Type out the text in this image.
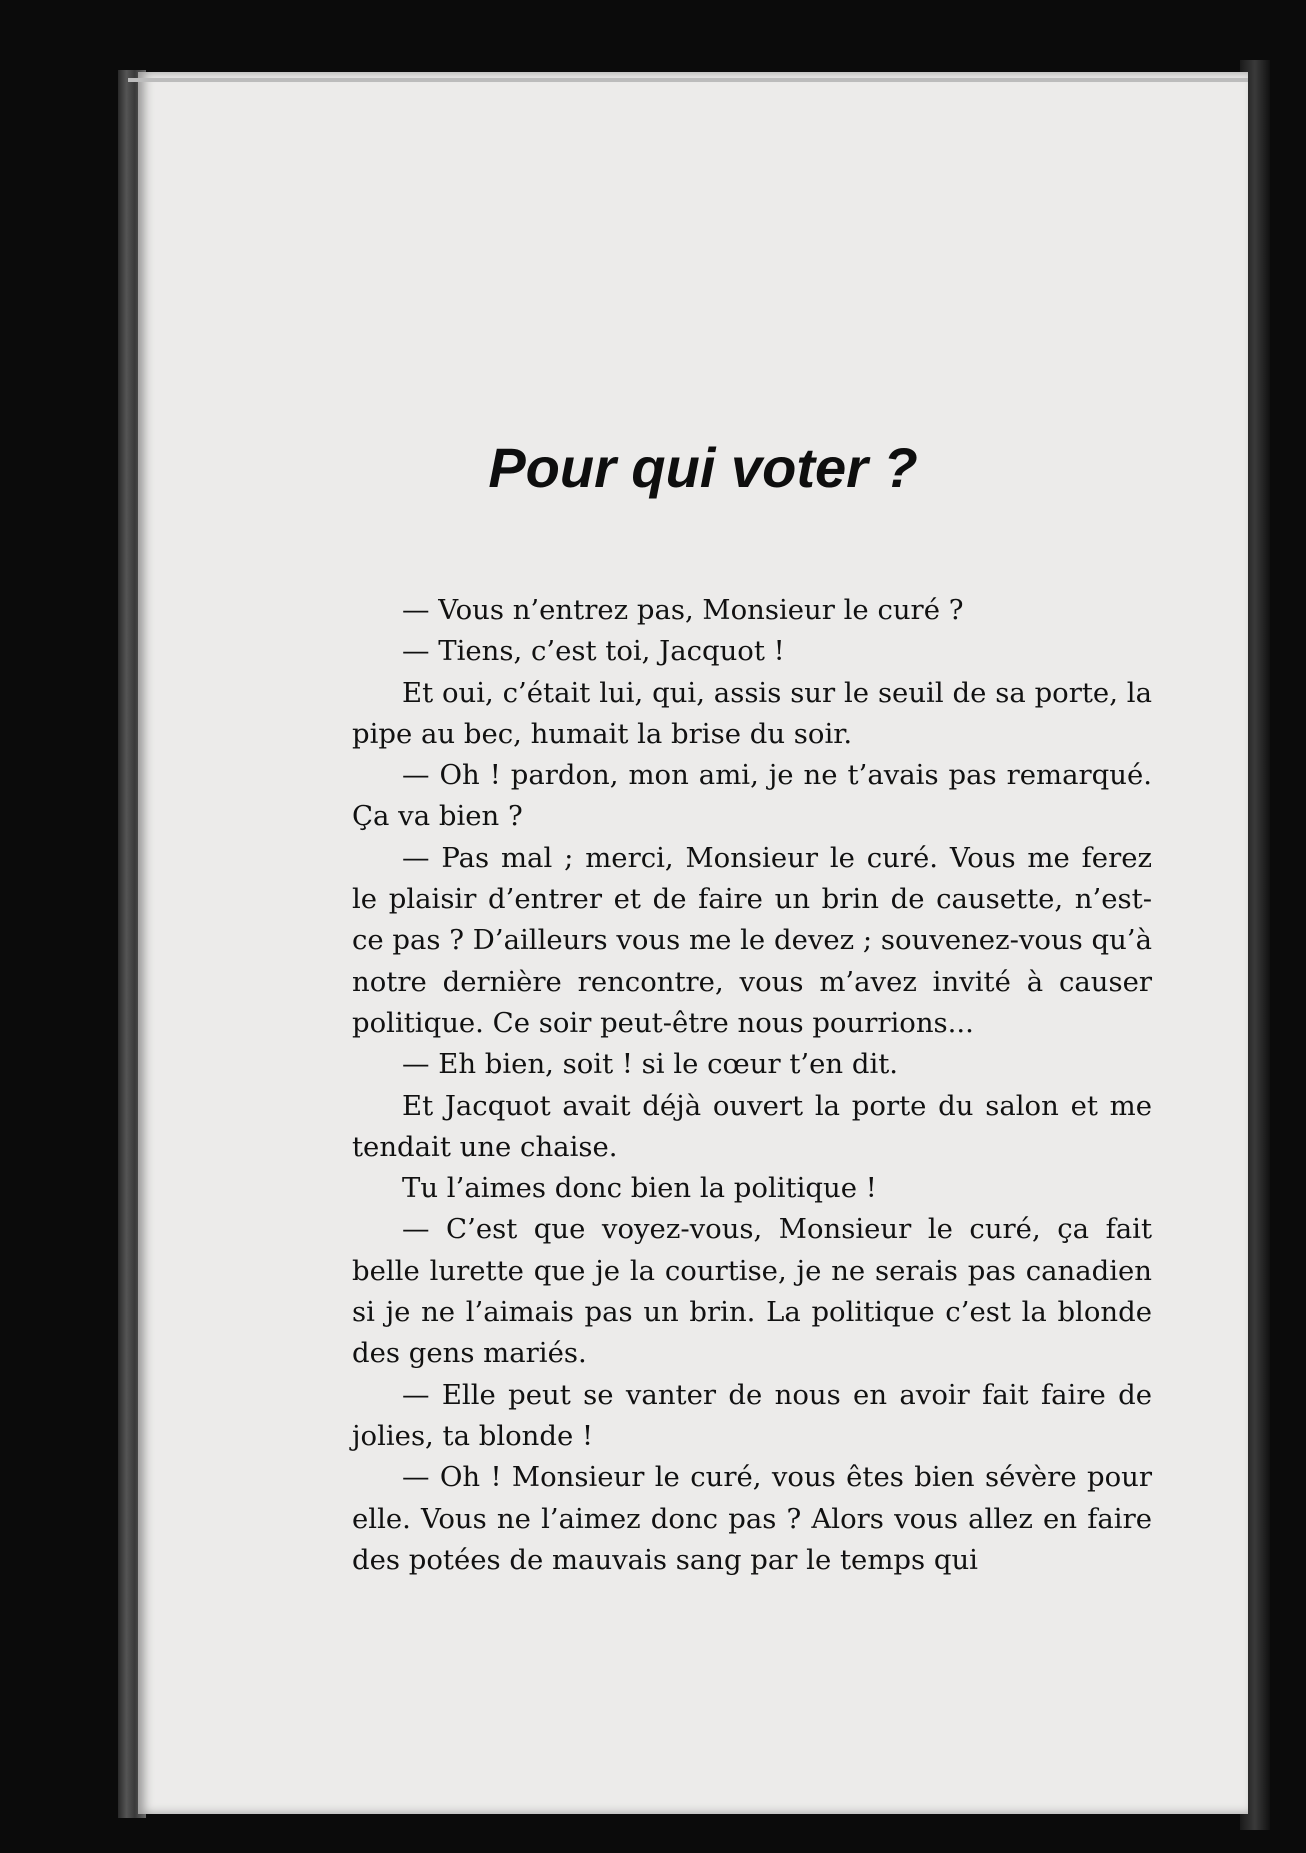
Pour qui voter ?

— Vous n’entrez pas, Monsieur le curé ?

— Tiens, c’est toi, Jacquot !

Et oui, c’était lui, qui, assis sur le seuil de sa porte, la pipe au bec, humait la brise du soir.

— Oh ! pardon, mon ami, je ne t’avais pas remarqué. Ça va bien ?

— Pas mal ; merci, Monsieur le curé. Vous me ferez le plaisir d’entrer et de faire un brin de causette, n’est-ce pas ? D’ailleurs vous me le devez ; souvenez-vous qu’à notre dernière rencontre, vous m’avez invité à causer politique. Ce soir peut-être nous pourrions...

— Eh bien, soit ! si le cœur t’en dit.

Et Jacquot avait déjà ouvert la porte du salon et me tendait une chaise.

Tu l’aimes donc bien la politique !

— C’est que voyez-vous, Monsieur le curé, ça fait belle lurette que je la courtise, je ne serais pas canadien si je ne l’aimais pas un brin. La politique c’est la blonde des gens mariés.

— Elle peut se vanter de nous en avoir fait faire de jolies, ta blonde !

— Oh ! Monsieur le curé, vous êtes bien sévère pour elle. Vous ne l’aimez donc pas ? Alors vous allez en faire des potées de mauvais sang par le temps qui
